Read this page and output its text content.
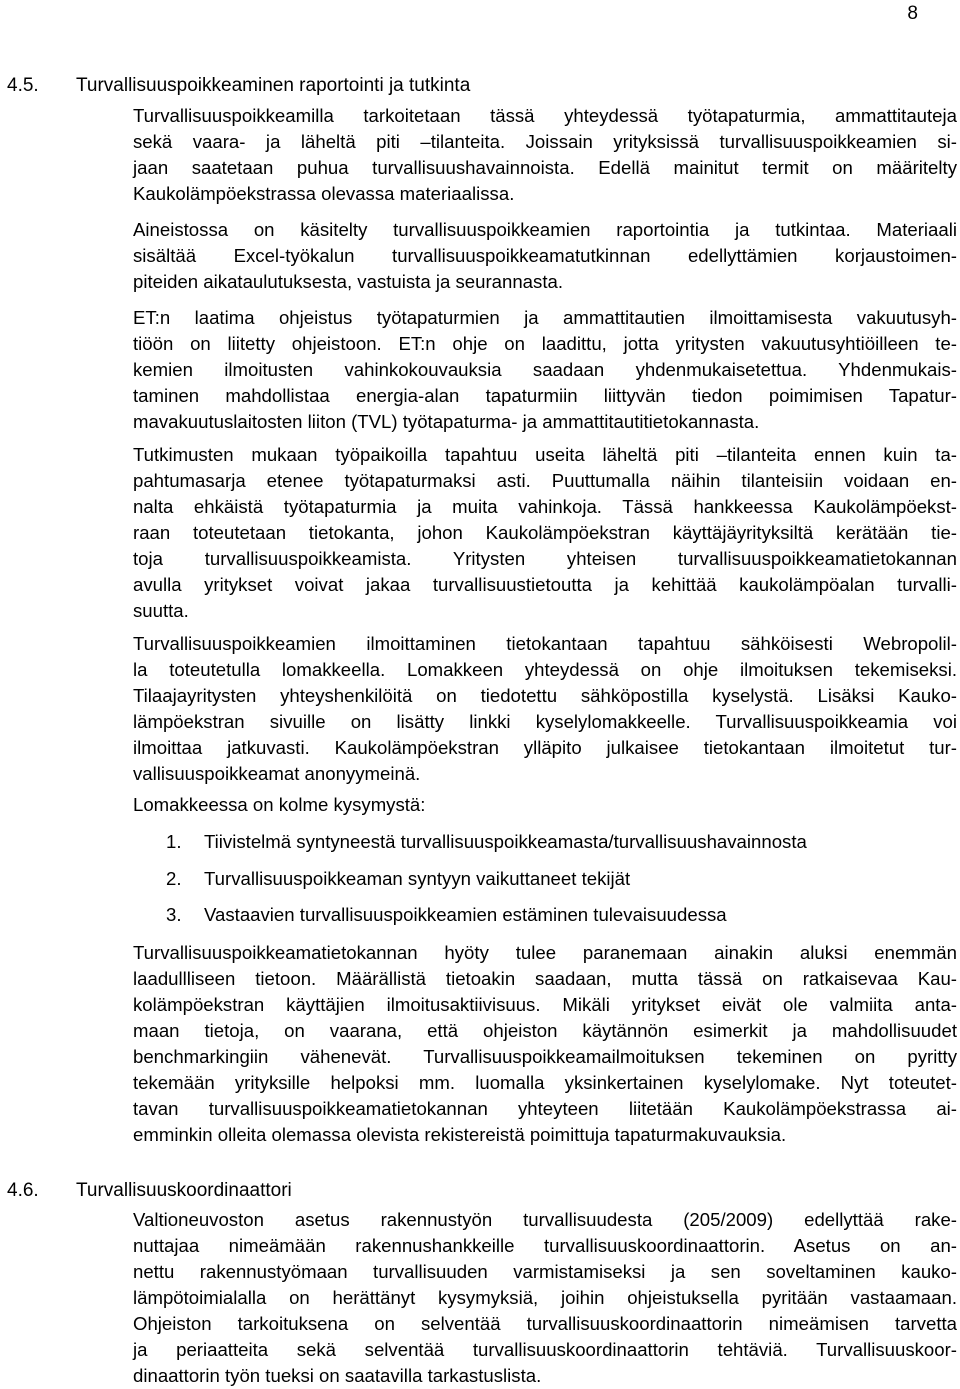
8
4.5. Turvallisuuspoikkeaminen raportointi ja tutkinta
Turvallisuuspoikkeamilla tarkoitetaan tässä yhteydessä työtapaturmia, ammattitauteja
sekä vaara- ja läheltä piti –tilanteita. Joissain yrityksissä turvallisuuspoikkeamien si-
jaan saatetaan puhua turvallisuushavainnoista. Edellä mainitut termit on määritelty
Kaukolämpöekstrassa olevassa materiaalissa.
Aineistossa on käsitelty turvallisuuspoikkeamien raportointia ja tutkintaa. Materiaali
sisältää Excel-työkalun turvallisuuspoikkeamatutkinnan edellyttämien korjaustoimen-
piteiden aikataulutuksesta, vastuista ja seurannasta.
ET:n laatima ohjeistus työtapaturmien ja ammattitautien ilmoittamisesta vakuutusyh-
tiöön on liitetty ohjeistoon. ET:n ohje on laadittu, jotta yritysten vakuutusyhtiöilleen te-
kemien ilmoitusten vahinkokouvauksia saadaan yhdenmukaisetettua. Yhdenmukais-
taminen mahdollistaa energia-alan tapaturmiin liittyvän tiedon poimimisen Tapatur-
mavakuutuslaitosten liiton (TVL) työtapaturma- ja ammattitautitietokannasta.
Tutkimusten mukaan työpaikoilla tapahtuu useita läheltä piti –tilanteita ennen kuin ta-
pahtumasarja etenee työtapaturmaksi asti. Puuttumalla näihin tilanteisiin voidaan en-
nalta ehkäistä työtapaturmia ja muita vahinkoja. Tässä hankkeessa Kaukolämpöekst-
raan toteutetaan tietokanta, johon Kaukolämpöekstran käyttäjäyrityksiltä kerätään tie-
toja turvallisuuspoikkeamista. Yritysten yhteisen turvallisuuspoikkeamatietokannan
avulla yritykset voivat jakaa turvallisuustietoutta ja kehittää kaukolämpöalan turvalli-
suutta.
Turvallisuuspoikkeamien ilmoittaminen tietokantaan tapahtuu sähköisesti Webropolil-
la toteutetulla lomakkeella. Lomakkeen yhteydessä on ohje ilmoituksen tekemiseksi.
Tilaajayritysten yhteyshenkilöitä on tiedotettu sähköpostilla kyselystä. Lisäksi Kauko-
lämpöekstran sivuille on lisätty linkki kyselylomakkeelle. Turvallisuuspoikkeamia voi
ilmoittaa jatkuvasti. Kaukolämpöekstran ylläpito julkaisee tietokantaan ilmoitetut tur-
vallisuuspoikkeamat anonyymeinä.
Lomakkeessa on kolme kysymystä:
1. Tiivistelmä syntyneestä turvallisuuspoikkeamasta/turvallisuushavainnosta
2. Turvallisuuspoikkeaman syntyyn vaikuttaneet tekijät
3. Vastaavien turvallisuuspoikkeamien estäminen tulevaisuudessa
Turvallisuuspoikkeamatietokannan hyöty tulee paranemaan ainakin aluksi enemmän
laadullliseen tietoon. Määrällistä tietoakin saadaan, mutta tässä on ratkaisevaa Kau-
kolämpöekstran käyttäjien ilmoitusaktiivisuus. Mikäli yritykset eivät ole valmiita anta-
maan tietoja, on vaarana, että ohjeiston käytännön esimerkit ja mahdollisuudet
benchmarkingiin vähenevät. Turvallisuuspoikkeamailmoituksen tekeminen on pyritty
tekemään yrityksille helpoksi mm. luomalla yksinkertainen kyselylomake. Nyt toteutet-
tavan turvallisuuspoikkeamatietokannan yhteyteen liitetään Kaukolämpöekstrassa ai-
emminkin olleita olemassa olevista rekistereistä poimittuja tapaturmakuvauksia.
4.6. Turvallisuuskoordinaattori
Valtioneuvoston asetus rakennustyön turvallisuudesta (205/2009) edellyttää rake-
nuttajaa nimeämään rakennushankkeille turvallisuuskoordinaattorin. Asetus on an-
nettu rakennustyömaan turvallisuuden varmistamiseksi ja sen soveltaminen kauko-
lämpötoimialalla on herättänyt kysymyksiä, joihin ohjeistuksella pyritään vastaamaan.
Ohjeiston tarkoituksena on selventää turvallisuuskoordinaattorin nimeämisen tarvetta
ja periaatteita sekä selventää turvallisuuskoordinaattorin tehtäviä. Turvallisuuskoor-
dinaattorin työn tueksi on saatavilla tarkastuslista.
